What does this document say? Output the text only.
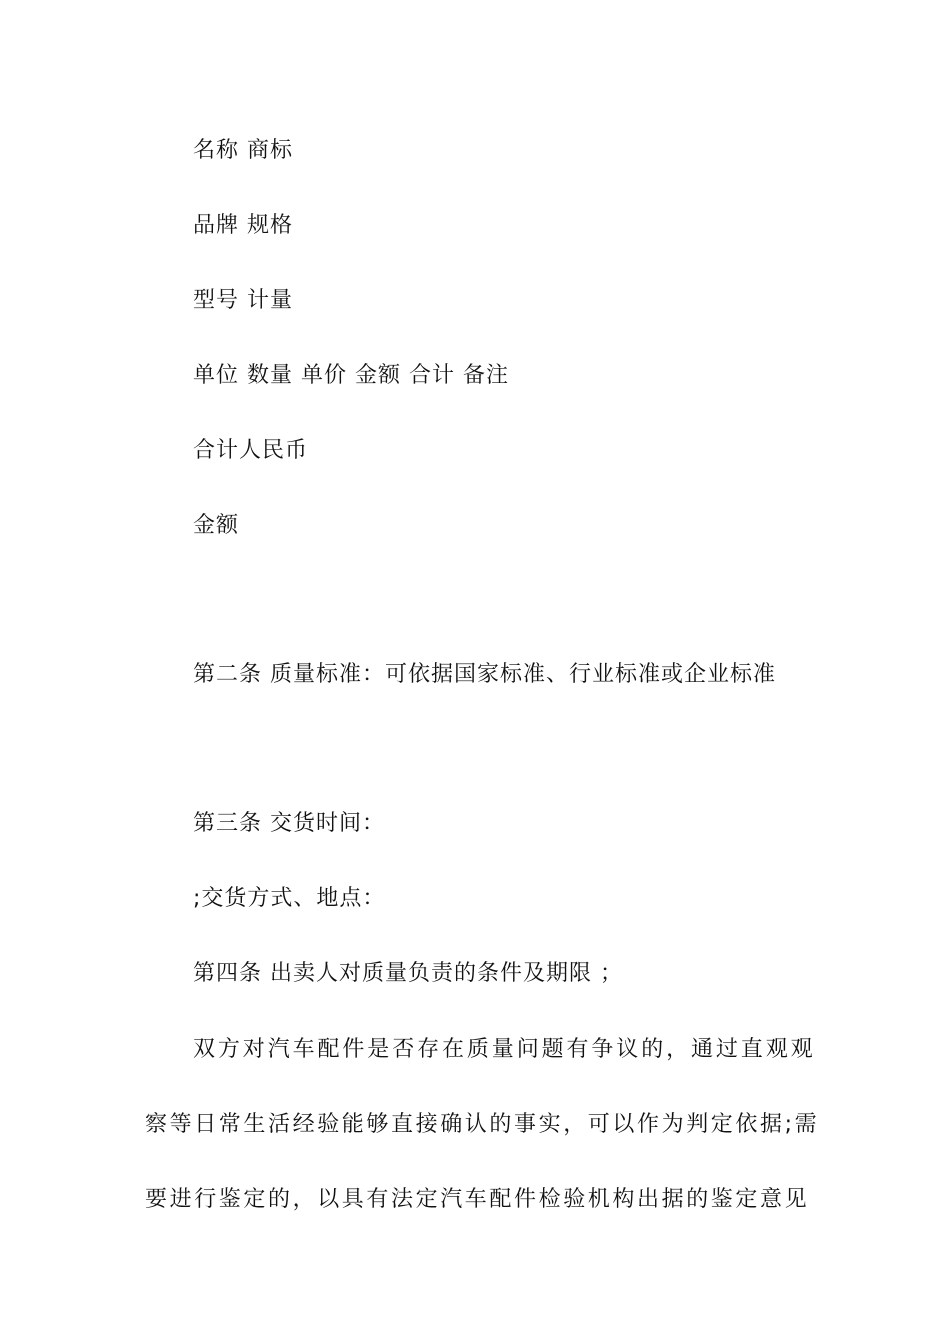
名称 商标
品牌 规格
型号 计量
单位 数量 单价 金额 合计 备注
合计人民币
金额
第二条 质量标准：可依据国家标准、行业标准或企业标准
第三条 交货时间：
;交货方式、地点：
第四条 出卖人对质量负责的条件及期限 ；
双方对汽车配件是否存在质量问题有争议的，通过直观观
察等日常生活经验能够直接确认的事实，可以作为判定依据;需
要进行鉴定的，以具有法定汽车配件检验机构出据的鉴定意见
